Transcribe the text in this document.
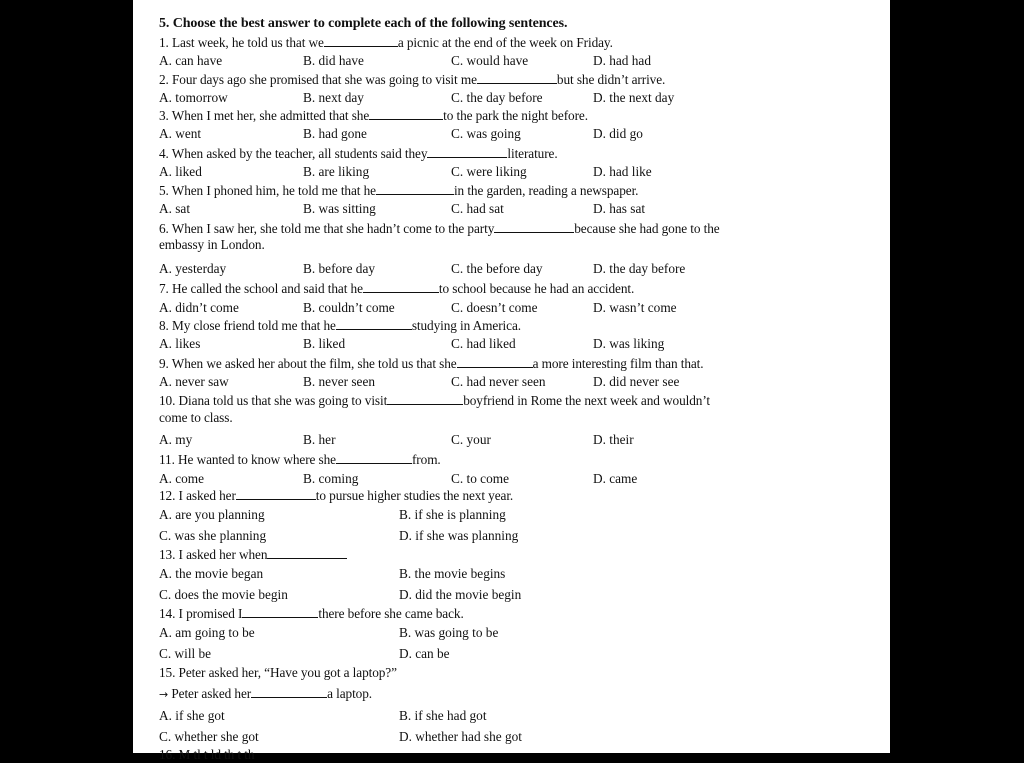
5. Choose the best answer to complete each of the following sentences.
1. Last week, he told us that we	a picnic at the end of the week on Friday.
A. can have	B. did have	C. would have	D. had had
2. Four days ago she promised that she was going to visit me	but she didn’t arrive.
A. tomorrow	B. next day	C. the day before	D. the next day
3. When I met her, she admitted that she	to the park the night before.
A. went	B. had gone	C. was going	D. did go
4. When asked by the teacher, all students said they	literature.
A. liked	B. are liking	C. were liking	D. had like
5. When I phoned him, he told me that he	in the garden, reading a newspaper.
A. sat	B. was sitting	C. had sat	D. has sat
6. When I saw her, she told me that she hadn’t come to the party	because she had gone to the
embassy in London.
A. yesterday	B. before day	C. the before day	D. the day before
7. He called the school and said that he	to school because he had an accident.
A. didn’t come	B. couldn’t come	C. doesn’t come	D. wasn’t come
8. My close friend told me that he	studying in America.
A. likes	B. liked	C. had liked	D. was liking
9. When we asked her about the film, she told us that she	a more interesting film than that.
A. never saw	B. never seen	C. had never seen	D. did never see
10. Diana told us that she was going to visit	boyfriend in Rome the next week and wouldn’t
come to class.
A. my	B. her	C. your	D. their
11. He wanted to know where she	from.
A. come	B. coming	C. to come	D. came
12. I asked her	to pursue higher studies the next year.
A. are you planning	B. if she is planning
C. was she planning	D. if she was planning
13. I asked her when
A. the movie began	B. the movie begins
C. does the movie begin	D. did the movie begin
14. I promised I	there before she came back.
A. am going to be	B. was going to be
C. will be	D. can be
15. Peter asked her, “Have you got a laptop?”
→ Peter asked her	a laptop.
A. if she got	B. if she had got
C. whether she got	D. whether had she got
16. M tl t ld th t th
